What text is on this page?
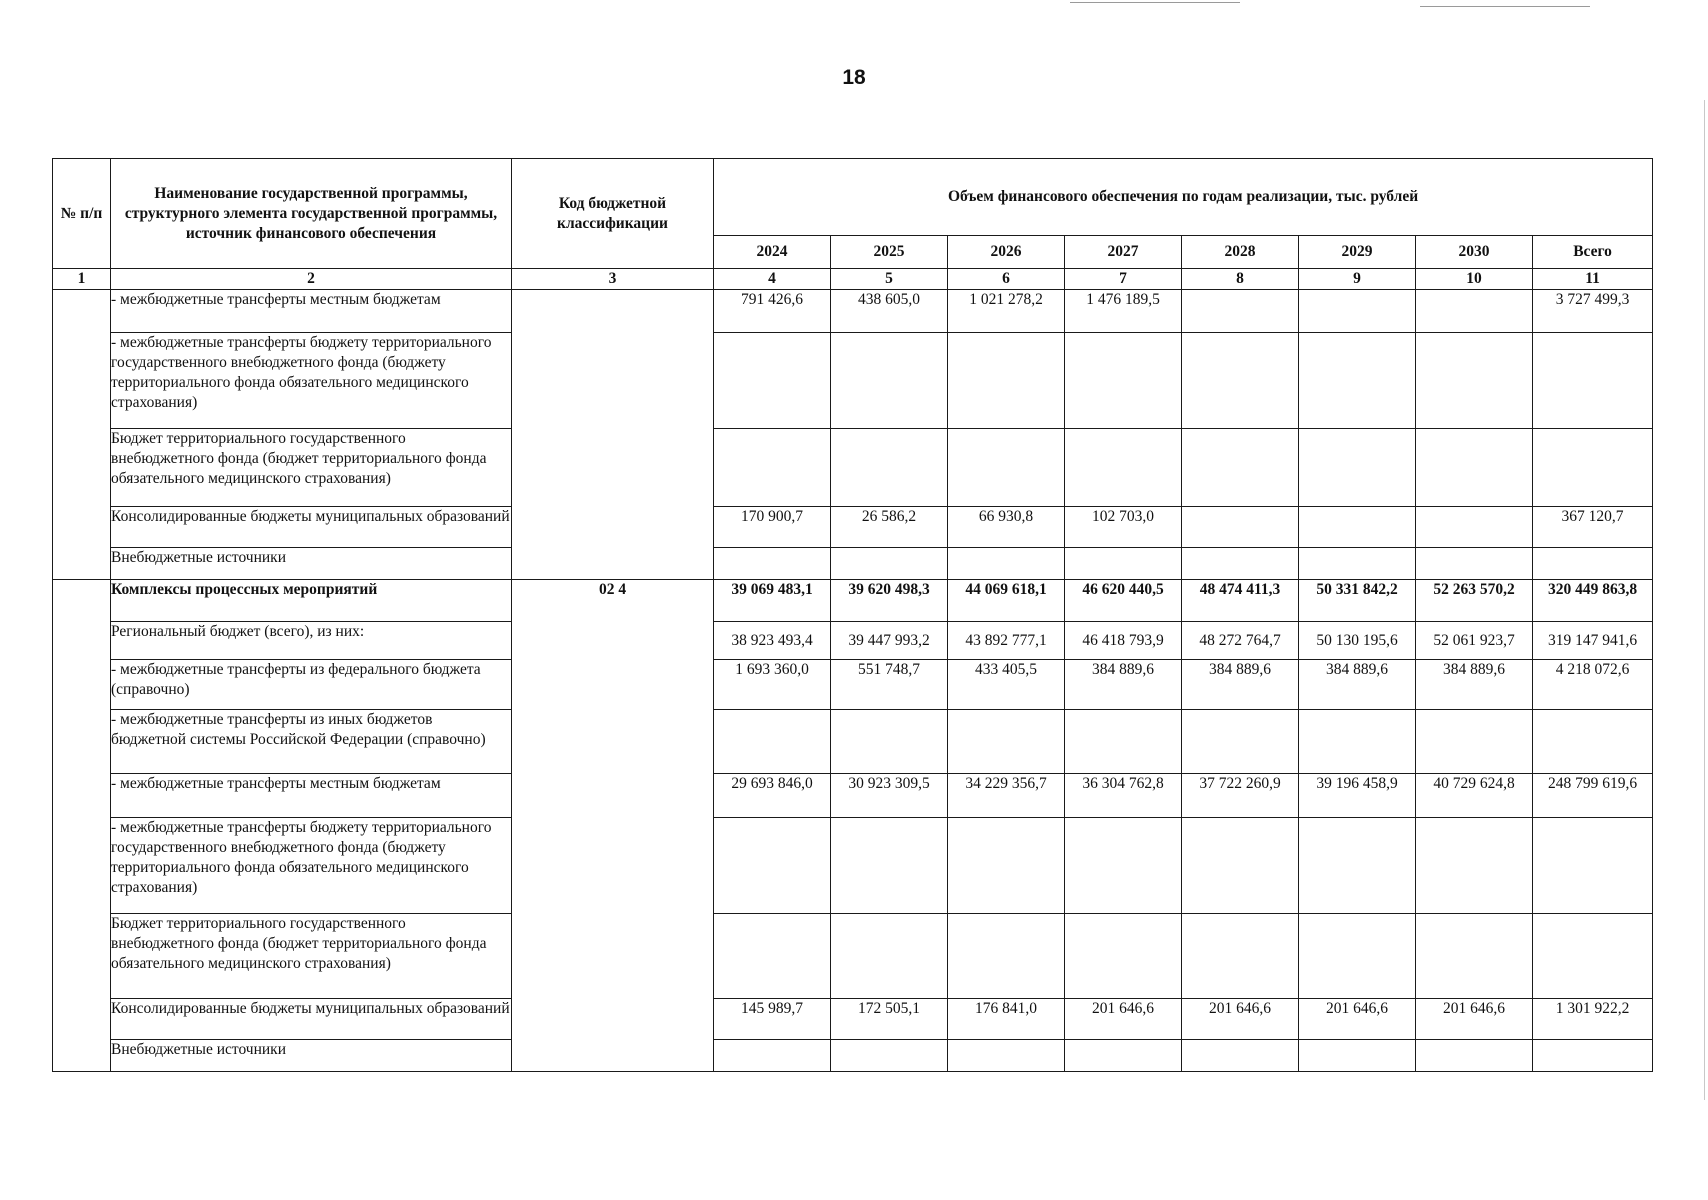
18
№ п/п	Наименование государственной программы, структурного элемента государственной программы, источник финансового обеспечения	Код бюджетной классификации	Объем финансового обеспечения по годам реализации, тыс. рублей							
			2024	2025	2026	2027	2028	2029	2030	Всего
1	2	3	4	5	6	7	8	9	10	11
	- межбюджетные трансферты местным бюджетам		791 426,6	438 605,0	1 021 278,2	1 476 189,5				3 727 499,3
	- межбюджетные трансферты бюджету территориального государственного внебюджетного фонда (бюджету территориального фонда обязательного медицинского страхования)									
	Бюджет территориального государственного внебюджетного фонда (бюджет территориального фонда обязательного медицинского страхования)									
	Консолидированные бюджеты муниципальных образований		170 900,7	26 586,2	66 930,8	102 703,0				367 120,7
	Внебюджетные источники									
	Комплексы процессных мероприятий	02 4	39 069 483,1	39 620 498,3	44 069 618,1	46 620 440,5	48 474 411,3	50 331 842,2	52 263 570,2	320 449 863,8
	Региональный бюджет (всего), из них:		38 923 493,4	39 447 993,2	43 892 777,1	46 418 793,9	48 272 764,7	50 130 195,6	52 061 923,7	319 147 941,6
	- межбюджетные трансферты из федерального бюджета (справочно)		1 693 360,0	551 748,7	433 405,5	384 889,6	384 889,6	384 889,6	384 889,6	4 218 072,6
	- межбюджетные трансферты из иных бюджетов бюджетной системы Российской Федерации (справочно)									
	- межбюджетные трансферты местным бюджетам		29 693 846,0	30 923 309,5	34 229 356,7	36 304 762,8	37 722 260,9	39 196 458,9	40 729 624,8	248 799 619,6
	- межбюджетные трансферты бюджету территориального государственного внебюджетного фонда (бюджету территориального фонда обязательного медицинского страхования)									
	Бюджет территориального государственного внебюджетного фонда (бюджет территориального фонда обязательного медицинского страхования)									
	Консолидированные бюджеты муниципальных образований		145 989,7	172 505,1	176 841,0	201 646,6	201 646,6	201 646,6	201 646,6	1 301 922,2
	Внебюджетные источники									
